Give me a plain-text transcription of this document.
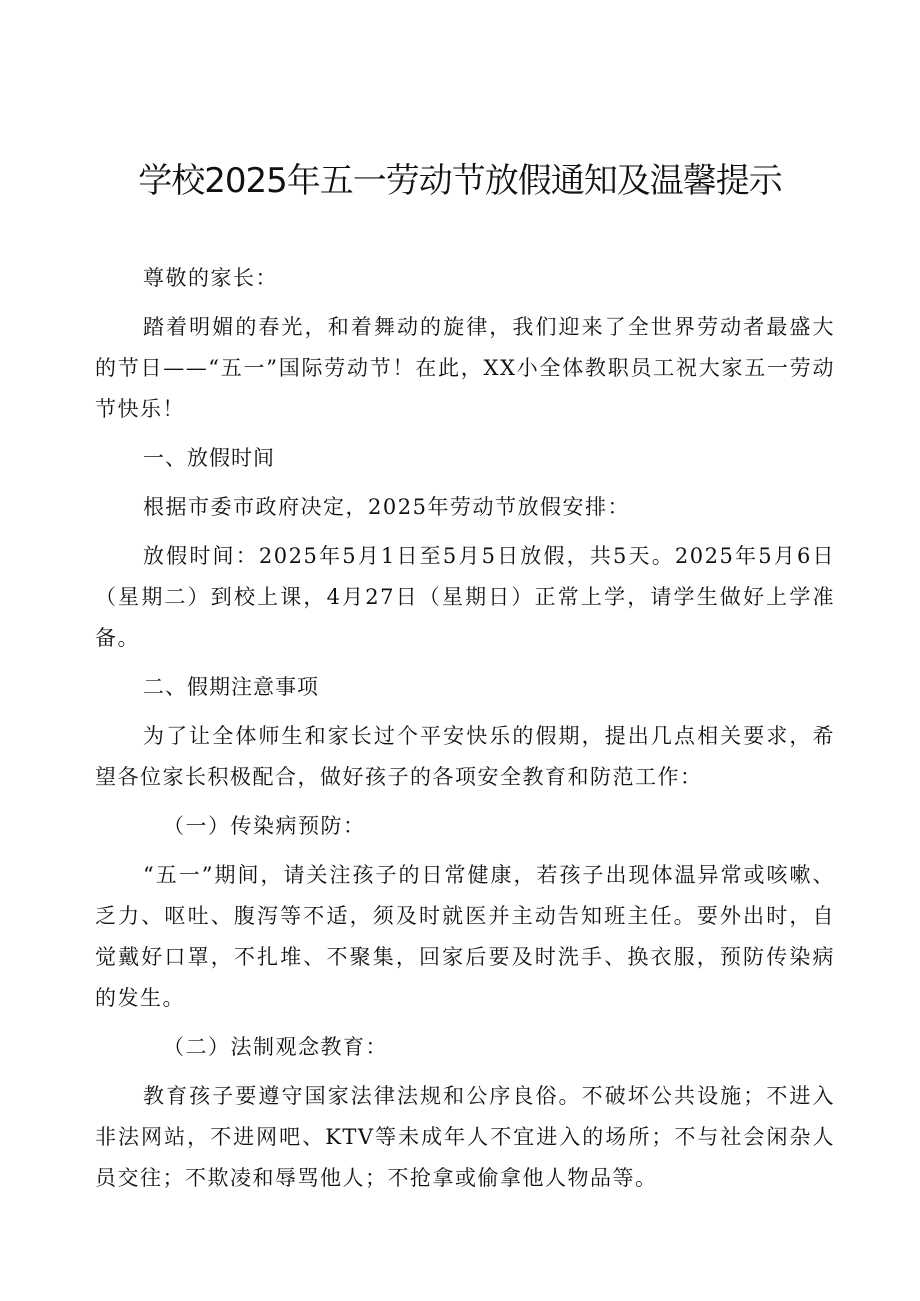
学校2025年五一劳动节放假通知及温馨提示

尊敬的家长：

踏着明媚的春光，和着舞动的旋律，我们迎来了全世界劳动者最盛大的节日——“五一”国际劳动节！在此，XX小全体教职员工祝大家五一劳动节快乐！

一、放假时间

根据市委市政府决定，2025年劳动节放假安排：

放假时间：2025年5月1日至5月5日放假，共5天。2025年5月6日（星期二）到校上课，4月27日（星期日）正常上学，请学生做好上学准备。

二、假期注意事项

为了让全体师生和家长过个平安快乐的假期，提出几点相关要求，希望各位家长积极配合，做好孩子的各项安全教育和防范工作：

（一）传染病预防：

“五一”期间，请关注孩子的日常健康，若孩子出现体温异常或咳嗽、乏力、呕吐、腹泻等不适，须及时就医并主动告知班主任。要外出时，自觉戴好口罩，不扎堆、不聚集，回家后要及时洗手、换衣服，预防传染病的发生。

（二）法制观念教育：

教育孩子要遵守国家法律法规和公序良俗。不破坏公共设施；不进入非法网站，不进网吧、KTV等未成年人不宜进入的场所；不与社会闲杂人员交往；不欺凌和辱骂他人；不抢拿或偷拿他人物品等。
